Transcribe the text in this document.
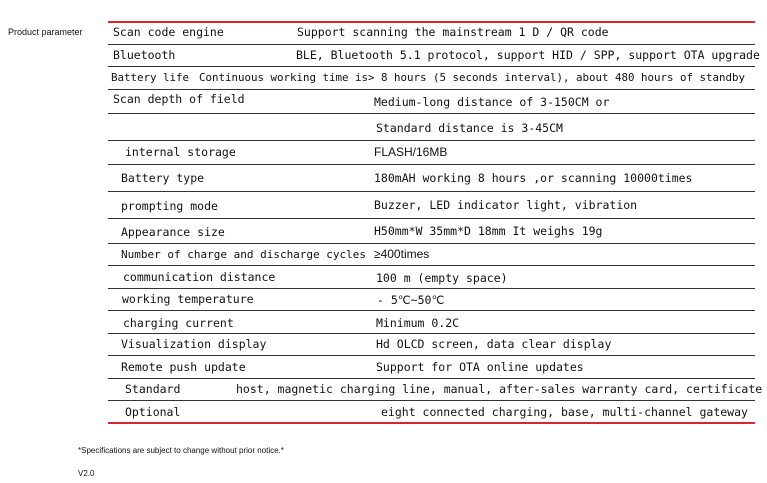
Product parameter	Scan code engine	Support scanning the mainstream 1 D / QR code
Bluetooth	BLE, Bluetooth 5.1 protocol, support HID / SPP, support OTA upgrade
Battery life Continuous working time is> 8 hours (5 seconds interval), about 480 hours of standby
Scan depth of field	Medium-long distance of 3-150CM or
Standard distance is 3-45CM
internal storage	FLASH/16MB
Battery type	180mAH working 8 hours ,or scanning 10000times
prompting mode	Buzzer, LED indicator light, vibration
Appearance size	H50mm*W 35mm*D 18mm It weighs 19g
Number of charge and discharge cycles ≥400times
communication distance	100 m (empty space)
working temperature	- 5℃~50℃
charging current	Minimum 0.2C
Visualization display	Hd OLCD screen, data clear display
Remote push update	Support for OTA online updates
Standard	host, magnetic charging line, manual, after-sales warranty card, certificate
Optional	eight connected charging, base, multi-channel gateway
*Specifications are subject to change without prior notice.*
V2.0
